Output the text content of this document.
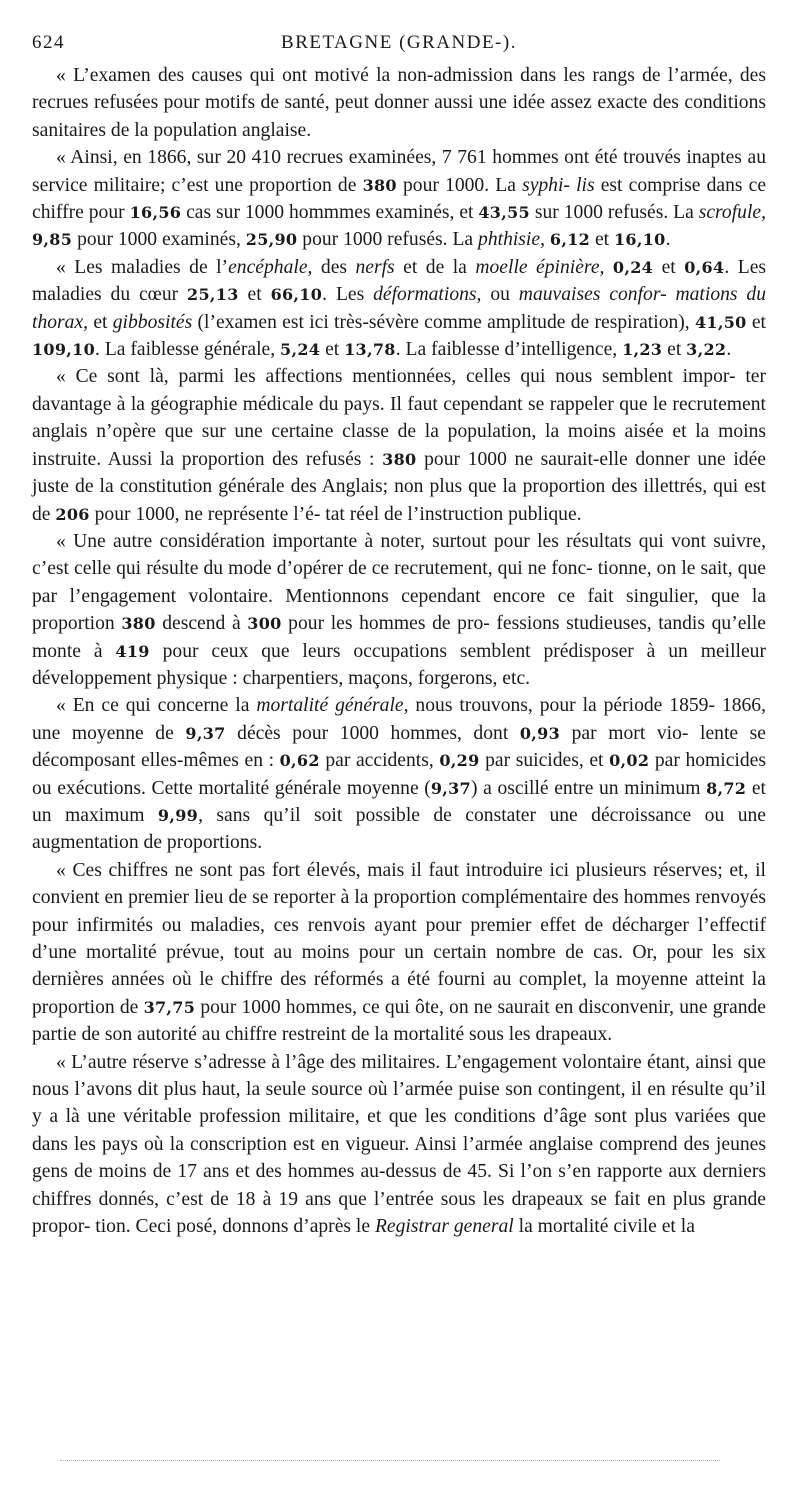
624	BRETAGNE (GRANDE-).

« L’examen des causes qui ont motivé la non-admission dans les rangs de l’armée, des recrues refusées pour motifs de santé, peut donner aussi une idée assez exacte des conditions sanitaires de la population anglaise.

« Ainsi, en 1866, sur 20 410 recrues examinées, 7 761 hommes ont été trouvés inaptes au service militaire; c’est une proportion de 380 pour 1000. La syphi- lis est comprise dans ce chiffre pour 16,56 cas sur 1000 hommmes examinés, et 43,55 sur 1000 refusés. La scrofule, 9,85 pour 1000 examinés, 25,90 pour 1000 refusés. La phthisie, 6,12 et 16,10.

« Les maladies de l’encéphale, des nerfs et de la moelle épinière, 0,24 et 0,64. Les maladies du cœur 25,13 et 66,10. Les déformations, ou mauvaises confor- mations du thorax, et gibbosités (l’examen est ici très-sévère comme amplitude de respiration), 41,50 et 109,10. La faiblesse générale, 5,24 et 13,78. La faiblesse d’intelligence, 1,23 et 3,22.

« Ce sont là, parmi les affections mentionnées, celles qui nous semblent impor- ter davantage à la géographie médicale du pays. Il faut cependant se rappeler que le recrutement anglais n’opère que sur une certaine classe de la population, la moins aisée et la moins instruite. Aussi la proportion des refusés : 380 pour 1000 ne saurait-elle donner une idée juste de la constitution générale des Anglais; non plus que la proportion des illettrés, qui est de 206 pour 1000, ne représente l’é- tat réel de l’instruction publique.

« Une autre considération importante à noter, surtout pour les résultats qui vont suivre, c’est celle qui résulte du mode d’opérer de ce recrutement, qui ne fonc- tionne, on le sait, que par l’engagement volontaire. Mentionnons cependant encore ce fait singulier, que la proportion 380 descend à 300 pour les hommes de pro- fessions studieuses, tandis qu’elle monte à 419 pour ceux que leurs occupations semblent prédisposer à un meilleur développement physique : charpentiers, maçons, forgerons, etc.

« En ce qui concerne la mortalité générale, nous trouvons, pour la période 1859- 1866, une moyenne de 9,37 décès pour 1000 hommes, dont 0,93 par mort vio- lente se décomposant elles-mêmes en : 0,62 par accidents, 0,29 par suicides, et 0,02 par homicides ou exécutions. Cette mortalité générale moyenne (9,37) a oscillé entre un minimum 8,72 et un maximum 9,99, sans qu’il soit possible de constater une décroissance ou une augmentation de proportions.

« Ces chiffres ne sont pas fort élevés, mais il faut introduire ici plusieurs réserves; et, il convient en premier lieu de se reporter à la proportion complémentaire des hommes renvoyés pour infirmités ou maladies, ces renvois ayant pour premier effet de décharger l’effectif d’une mortalité prévue, tout au moins pour un certain nombre de cas. Or, pour les six dernières années où le chiffre des réformés a été fourni au complet, la moyenne atteint la proportion de 37,75 pour 1000 hommes, ce qui ôte, on ne saurait en disconvenir, une grande partie de son autorité au chiffre restreint de la mortalité sous les drapeaux.

« L’autre réserve s’adresse à l’âge des militaires. L’engagement volontaire étant, ainsi que nous l’avons dit plus haut, la seule source où l’armée puise son contingent, il en résulte qu’il y a là une véritable profession militaire, et que les conditions d’âge sont plus variées que dans les pays où la conscription est en vigueur. Ainsi l’armée anglaise comprend des jeunes gens de moins de 17 ans et des hommes au-dessus de 45. Si l’on s’en rapporte aux derniers chiffres donnés, c’est de 18 à 19 ans que l’entrée sous les drapeaux se fait en plus grande propor- tion. Ceci posé, donnons d’après le Registrar general la mortalité civile et la
